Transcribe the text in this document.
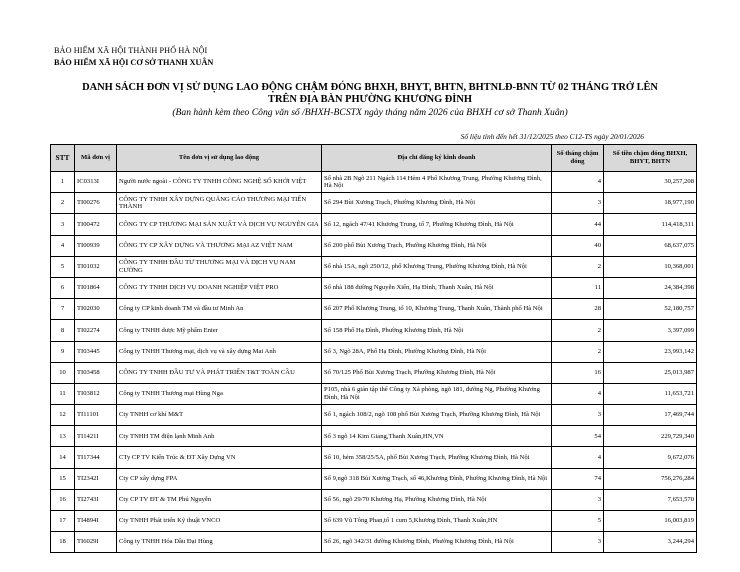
BẢO HIỂM XÃ HỘI THÀNH PHỐ HÀ NỘI
BẢO HIỂM XÃ HỘI CƠ SỞ THANH XUÂN
DANH SÁCH ĐƠN VỊ SỬ DỤNG LAO ĐỘNG CHẬM ĐÓNG BHXH, BHYT, BHTN, BHTNLĐ-BNN TỪ 02 THÁNG TRỞ LÊN
TRÊN ĐỊA BÀN PHƯỜNG KHƯƠNG ĐÌNH
(Ban hành kèm theo Công văn số /BHXH-BCSTX ngày tháng năm 2026 của BHXH cơ sở Thanh Xuân)
Số liệu tính đến hết 31/12/2025 theo C12-TS ngày 20/01/2026
STT	Mã đơn vị	Tên đơn vị sử dụng lao động	Địa chỉ đăng ký kinh doanh	Số tháng chậm đóng	Số tiền chậm đóng BHXH, BHYT, BHTN
1	IC0313I	Người nước ngoài - CÔNG TY TNHH CÔNG NGHỆ SỐ KHỞI VIỆT	Số nhà 2B Ngõ 211 Ngách 114 Hẻm 4 Phố Khương Trung, Phường Khương Đình, Hà Nội	4	30,257,208
2	TI00276	CÔNG TY TNHH XÂY DỰNG QUẢNG CÁO THƯƠNG MẠI TIẾN THÀNH	Số 294 Bùi Xương Trạch, Phường Khương Đình, Hà Nội	3	18,977,190
3	TI00472	CÔNG TY CP THƯƠNG MẠI SẢN XUẤT VÀ DỊCH VỤ NGUYÊN GIA	Số 12, ngách 47/41 Khương Trung, tổ 7, Phường Khương Đình, Hà Nội	44	114,418,311
4	TI00939	CÔNG TY CP XÂY DỰNG VÀ THƯƠNG MẠI AZ VIỆT NAM	Số 200 phố Bùi Xương Trạch, Phường Khương Đình, Hà Nội	40	68,637,075
5	TI01032	CÔNG TY TNHH ĐẦU TƯ THƯƠNG MẠI VÀ DỊCH VỤ NAM CƯỜNG	Số nhà 15A, ngõ 250/12, phố Khương Trung, Phường Khương Đình, Hà Nội	2	10,368,001
6	TI01864	CÔNG TY TNHH DỊCH VỤ DOANH NGHIỆP VIỆT PRO	Số nhà 188 đường Nguyễn Xiển, Hạ Đình, Thanh Xuân, Hà Nội	11	24,384,398
7	TI02030	Công ty CP kinh doanh TM và đầu tư Minh An	Số 207 Phố Khương Trung, tổ 10, Khương Trung, Thanh Xuân, Thành phố Hà Nội	28	52,180,757
8	TI02274	Công ty TNHH dược Mỹ phẩm Enter	Số 158 Phố Hạ Đình, Phường Khương Đình, Hà Nội	2	3,397,099
9	TI03445	Công ty TNHH Thương mại, dịch vụ và xây dựng Mai Anh	Số 3, Ngõ 28A, Phố Hạ Đình, Phường Khương Đình, Hà Nội	2	23,993,142
10	TI03458	CÔNG TY TNHH ĐẦU TƯ VÀ PHÁT TRIỂN T&T TOÀN CẦU	Số 70/125 Phố Bùi Xương Trạch, Phường Khương Đình, Hà Nội	16	25,013,987
11	TI03812	Công ty TNHH Thương mại Hùng Nga	P105, nhà 6 giản tập thể Công ty Xà phòng, ngõ 181, đường Ng, Phường Khương Đình, Hà Nội	4	11,653,721
12	TI11101	Cty TNHH cơ khí M&T	Số 1, ngách 108/2, ngõ 108 phố Bùi Xương Trạch, Phường Khương Đình, Hà Nội	3	17,469,744
13	TI1421I	Cty TNHH TM điện lạnh Minh Anh	Số 3 ngõ 14 Kim Giang,Thanh Xuân,HN,VN	54	229,729,340
14	TI17344	CTy CP TV Kiến Trúc & ĐT Xây Dựng VN	Số 10, hẻm 358/25/5A, phố Bùi Xương Trạch, Phường Khương Đình, Hà Nội	4	9,672,076
15	TI2342I	Cty CP xây dựng FPA	Số 9,ngõ 318 Bùi Xương Trạch, số 46,Khương Đình, Phường Khương Đình, Hà Nội	74	756,276,284
16	TI2743I	Cty CP TV ĐT & TM Phú Nguyễn	Số 56, ngõ 29/70 Khương Hạ, Phường Khương Đình, Hà Nội	3	7,653,570
17	TI4894I	Cty TNHH Phát triển Kỹ thuật VNCO	Số 639 Vũ Tông Phan,tổ 1 cum 5,Khương Đình, Thanh Xuân,HN	5	16,003,819
18	TI6029I	Công ty TNHH Hóa Dầu Đại Hùng	Số 26, ngõ 342/31 đường Khương Đình, Phường Khương Đình, Hà Nội	3	3,244,294
